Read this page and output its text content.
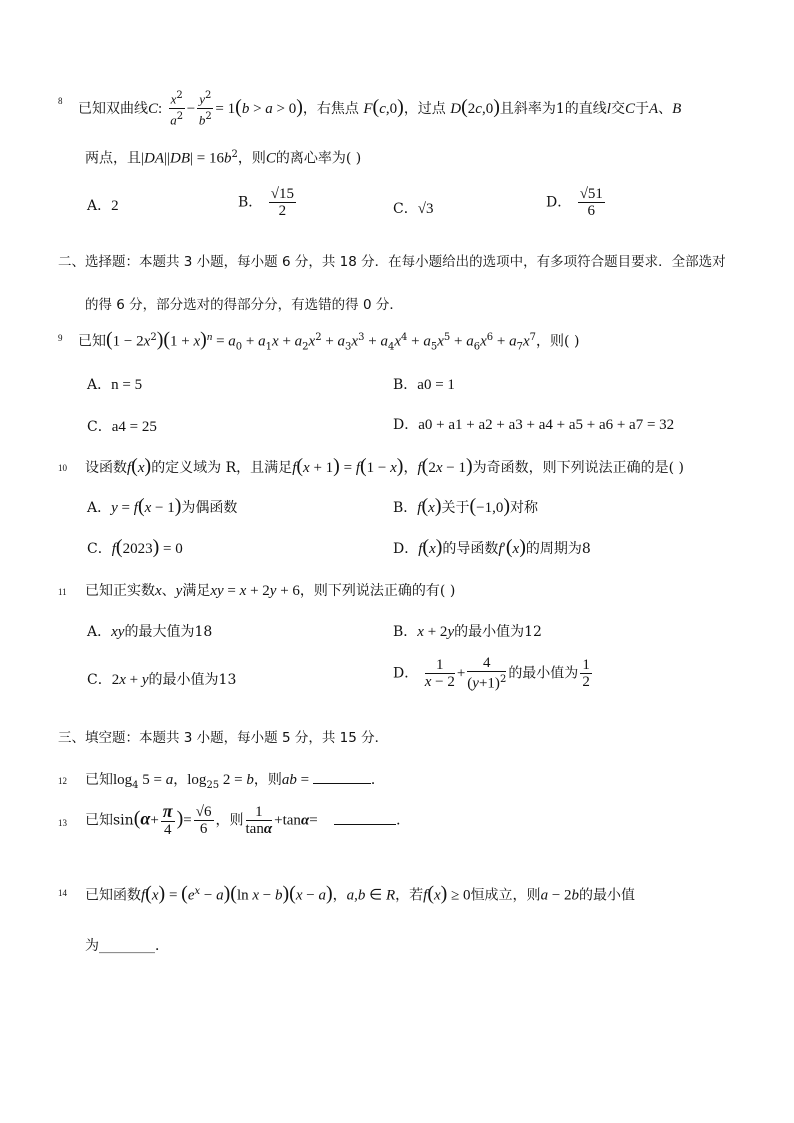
8 已知双曲线C: $\frac{x^2}{a^2} - \frac{y^2}{b^2} = 1(b > a > 0)$，右焦点 F(c,0)，过点 D(2c,0)且斜率为1的直线l交C于A、B
两点，且$|DA||DB| = 16b^2$，则C的离心率为( )
A．2	B． $\frac{√15}{2}$	C．√3	D． $\frac{√51}{6}$
二、选择题：本题共 3 小题，每小题 6 分，共 18 分．在每小题给出的选项中，有多项符合题目要求．全部选对
的得 6 分，部分选对的得部分分，有选错的得 0 分．
9 已知$(1 - 2x^2)(1 + x)^n = a_0 + a_1x + a_2x^2 + a_3x^3 + a_4x^4 + a_5x^5 + a_6x^6 + a_7x^7$，则( )
A．n = 5	B．a0 = 1
C．a4 = 25	D．a0 + a1 + a2 + a3 + a4 + a5 + a6 + a7 = 32
10 设函数f(x)的定义域为 R，且满足f(x + 1) = f(1 − x)，f(2x − 1)为奇函数，则下列说法正确的是( )
A．y = f(x − 1)为偶函数	B．f(x)关于(−1,0)对称
C．f(2023) = 0	D．f(x)的导函数f′(x)的周期为8
11 已知正实数x、y满足xy = x + 2y + 6，则下列说法正确的有( )
A．xy的最大值为18	B．x + 2y的最小值为12
C．2x + y的最小值为13	D． $\frac{1}{x - 2} + \frac{4}{(y+1)^2}$ 的最小值为 $\frac{1}{2}$
三、填空题：本题共 3 小题，每小题 5 分，共 15 分．
12 已知$\log_4 5 = a$，$\log_{25} 2 = b$，则ab =	．
13 已知$\sin(\alpha+ \frac{\pi}{4}$ )= $\frac{√6}{6}$ ，则 $\frac{1}{\tan\alpha} +\tan\alpha=$	．
14 已知函数$f(x) = (e^x - a)(\ln$ x − b)(x − a)，a,b ∈ R，若f(x) ≥ 0恒成立，则a − 2b的最小值
为________．
